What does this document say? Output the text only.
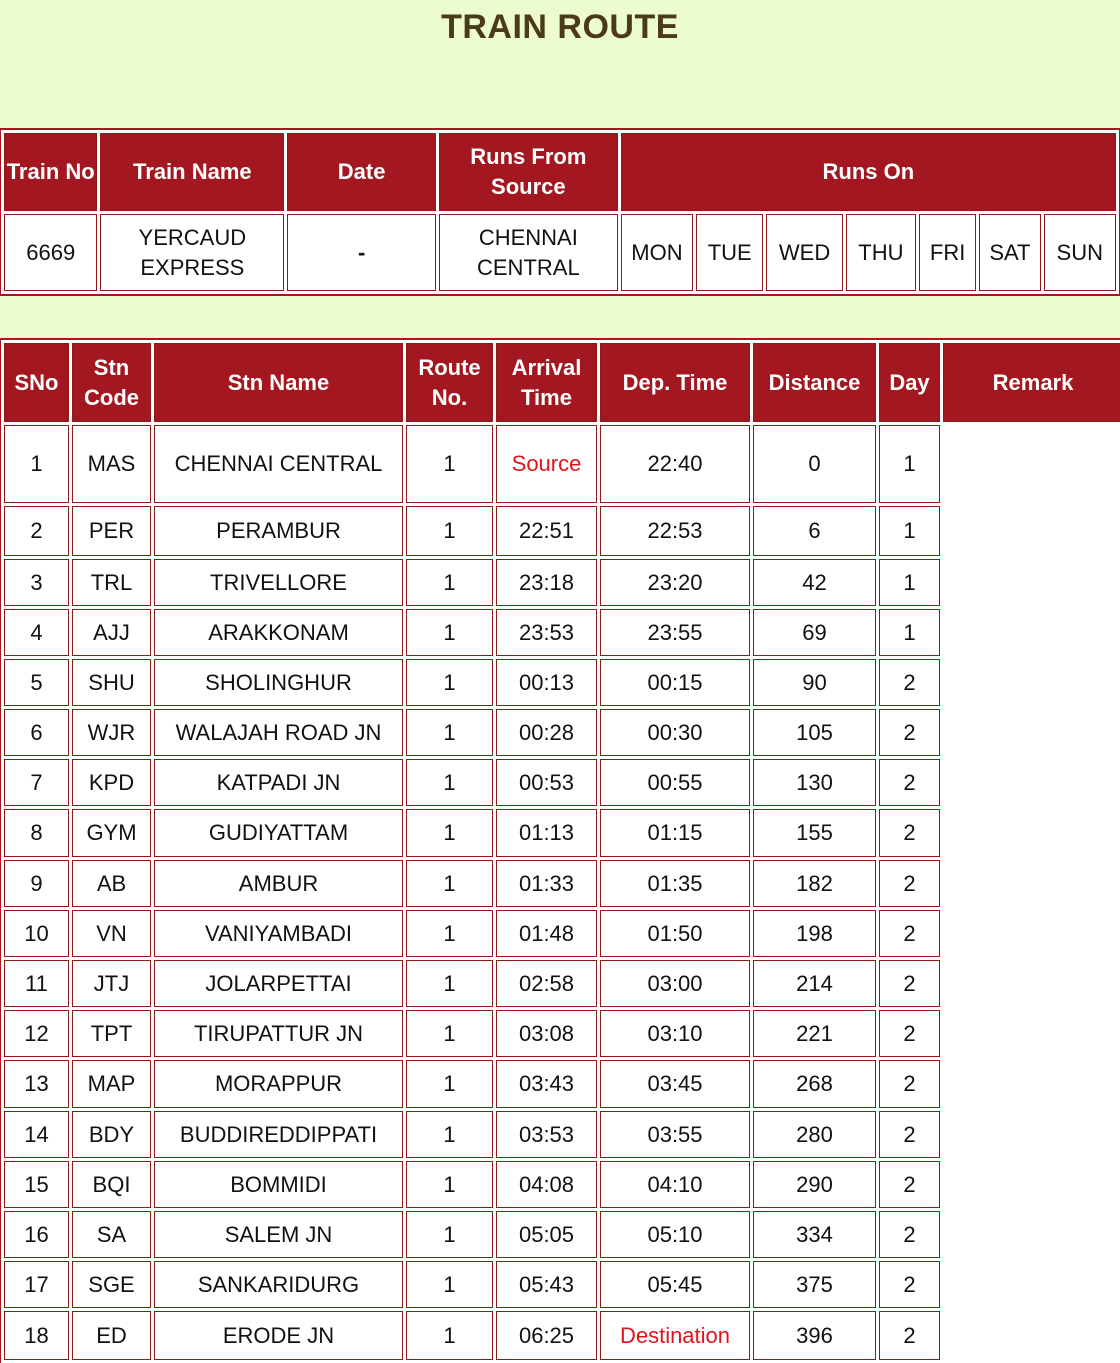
TRAIN ROUTE
Train No	Train Name	Date	Runs From Source	Runs On						
6669	YERCAUD EXPRESS	-	CHENNAI CENTRAL	MON	TUE	WED	THU	FRI	SAT	SUN
SNo	Stn Code	Stn Name	Route No.	Arrival Time	Dep. Time	Distance	Day	Remark
1	MAS	CHENNAI CENTRAL	1	Source	22:40	0	1	
2	PER	PERAMBUR	1	22:51	22:53	6	1	
3	TRL	TRIVELLORE	1	23:18	23:20	42	1	
4	AJJ	ARAKKONAM	1	23:53	23:55	69	1	
5	SHU	SHOLINGHUR	1	00:13	00:15	90	2	
6	WJR	WALAJAH ROAD JN	1	00:28	00:30	105	2	
7	KPD	KATPADI JN	1	00:53	00:55	130	2	
8	GYM	GUDIYATTAM	1	01:13	01:15	155	2	
9	AB	AMBUR	1	01:33	01:35	182	2	
10	VN	VANIYAMBADI	1	01:48	01:50	198	2	
11	JTJ	JOLARPETTAI	1	02:58	03:00	214	2	
12	TPT	TIRUPATTUR JN	1	03:08	03:10	221	2	
13	MAP	MORAPPUR	1	03:43	03:45	268	2	
14	BDY	BUDDIREDDIPPATI	1	03:53	03:55	280	2	
15	BQI	BOMMIDI	1	04:08	04:10	290	2	
16	SA	SALEM JN	1	05:05	05:10	334	2	
17	SGE	SANKARIDURG	1	05:43	05:45	375	2	
18	ED	ERODE JN	1	06:25	Destination	396	2	
